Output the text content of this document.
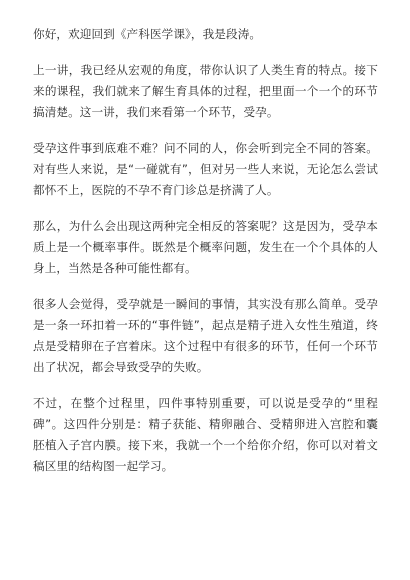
你好，欢迎回到《产科医学课》，我是段涛。

上一讲，我已经从宏观的角度，带你认识了人类生育的特点。接下来的课程，我们就来了解生育具体的过程，把里面一个一个的环节搞清楚。这一讲，我们来看第一个环节，受孕。

受孕这件事到底难不难？问不同的人，你会听到完全不同的答案。对有些人来说，是“一碰就有”，但对另一些人来说，无论怎么尝试都怀不上，医院的不孕不育门诊总是挤满了人。

那么，为什么会出现这两种完全相反的答案呢？这是因为，受孕本质上是一个概率事件。既然是个概率问题，发生在一个个具体的人身上，当然是各种可能性都有。

很多人会觉得，受孕就是一瞬间的事情，其实没有那么简单。受孕是一条一环扣着一环的“事件链”，起点是精子进入女性生殖道，终点是受精卵在子宫着床。这个过程中有很多的环节，任何一个环节出了状况，都会导致受孕的失败。

不过，在整个过程里，四件事特别重要，可以说是受孕的“里程碑”。这四件分别是：精子获能、精卵融合、受精卵进入宫腔和囊胚植入子宫内膜。接下来，我就一个一个给你介绍，你可以对着文稿区里的结构图一起学习。
